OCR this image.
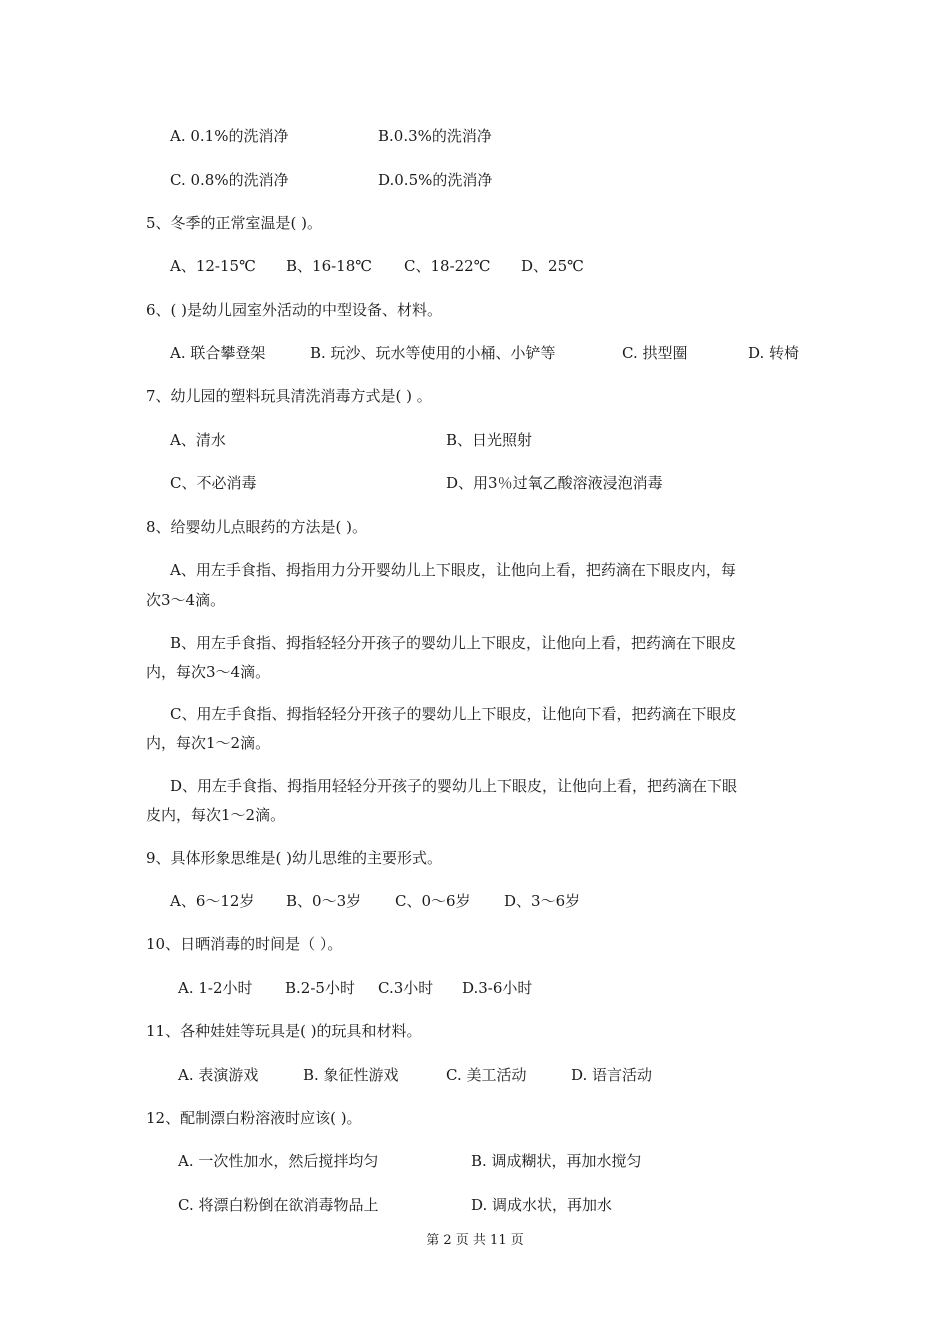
A. 0.1%的洗消净	B.0.3%的洗消净
C. 0.8%的洗消净	D.0.5%的洗消净
5、冬季的正常室温是( )。
A、12-15℃ B、16-18℃ C、18-22℃ D、25℃
6、( )是幼儿园室外活动的中型设备、材料。
A. 联合攀登架	B. 玩沙、玩水等使用的小桶、小铲等	C. 拱型圈	D. 转椅
7、幼儿园的塑料玩具清洗消毒方式是( ) 。
A、清水	B、日光照射
C、不必消毒	D、用3％过氧乙酸溶液浸泡消毒
8、给婴幼儿点眼药的方法是( )。
A、用左手食指、拇指用力分开婴幼儿上下眼皮，让他向上看，把药滴在下眼皮内，每
次3～4滴。
B、用左手食指、拇指轻轻分开孩子的婴幼儿上下眼皮，让他向上看，把药滴在下眼皮
内，每次3～4滴。
C、用左手食指、拇指轻轻分开孩子的婴幼儿上下眼皮，让他向下看，把药滴在下眼皮
内，每次1～2滴。
D、用左手食指、拇指用轻轻分开孩子的婴幼儿上下眼皮，让他向上看，把药滴在下眼
皮内，每次1～2滴。
9、具体形象思维是( )幼儿思维的主要形式。
A、6～12岁 B、0～3岁 C、0～6岁 D、3～6岁
10、日晒消毒的时间是（ ）。
A. 1-2小时 B.2-5小时 C.3小时 D.3-6小时
11、各种娃娃等玩具是( )的玩具和材料。
A. 表演游戏	B. 象征性游戏	C. 美工活动	D. 语言活动
12、配制漂白粉溶液时应该( )。
A. 一次性加水，然后搅拌均匀	B. 调成糊状，再加水搅匀
C. 将漂白粉倒在欲消毒物品上	D. 调成水状，再加水
第 2 页 共 11 页
